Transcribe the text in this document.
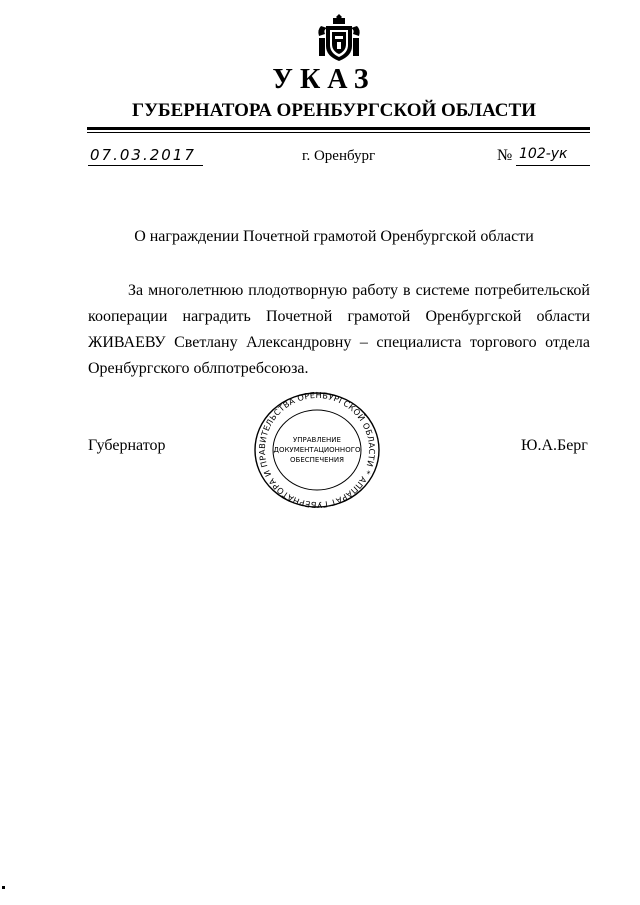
УКАЗ
ГУБЕРНАТОРА ОРЕНБУРГСКОЙ ОБЛАСТИ
07.03.2017	г. Оренбург	№ 102-ук
О награждении Почетной грамотой Оренбургской области
За многолетнюю плодотворную работу в системе потребительской кооперации наградить Почетной грамотой Оренбургской области ЖИВАЕВУ Светлану Александровну – специалиста торгового отдела Оренбургского облпотребсоюза.
Губернатор	Ю.А.Берг
АППАРАТ ГУБЕРНАТОРА И ПРАВИТЕЛЬСТВА ОРЕНБУРГСКОЙ ОБЛАСТИ *
УПРАВЛЕНИЕ
ДОКУМЕНТАЦИОННОГО
ОБЕСПЕЧЕНИЯ
